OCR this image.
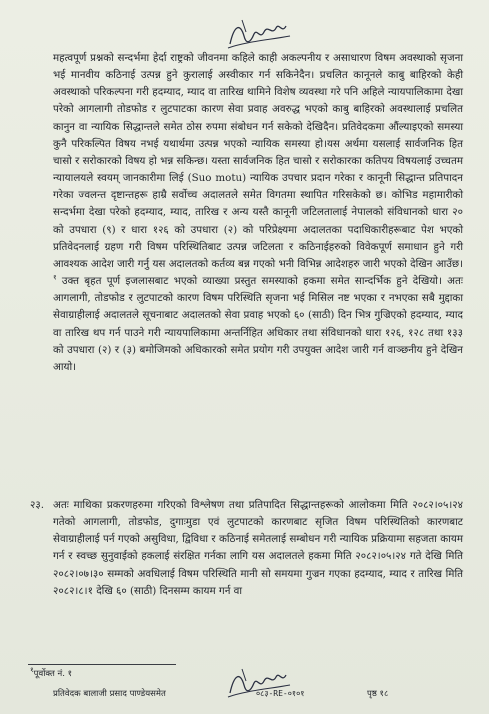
महत्वपूर्ण प्रश्नको सन्दर्भमा हेर्दा राष्ट्रको जीवनमा कहिले काही अकल्पनीय र असाधारण विषम अवस्थाको सृजना भई मानवीय कठिनाई उत्पन्न हुने कुरालाई अस्वीकार गर्न सकिनेदैन। प्रचलित कानूनले काबु बाहिरको केही अवस्थाको परिकल्पना गरी हदम्याद, म्याद वा तारिख थामिने विशेष व्यवस्था गरे पनि अहिले न्यायपालिकामा देखा परेको आगलागी तोडफोड र लुटपाटका कारण सेवा प्रवाह अवरुद्ध भएको काबु बाहिरको अवस्थालाई प्रचलित कानुन वा न्यायिक सिद्धान्तले समेत ठोस रुपमा संबोधन गर्न सकेको देखिदैन। प्रतिवेदकमा औंल्याइएको समस्या कुनै परिकल्पित विषय नभई यथार्थमा उत्पन्न भएको न्यायिक समस्या हो।यस अर्थमा यसलाई सार्वजनिक हित चासो र सरोकारको विषय हो भन्न सकिन्छ। यस्ता सार्वजनिक हित चासो र सरोकारका कतिपय विषयलाई उच्चतम न्यायालयले स्वयम् जानकारीमा लिई (Suo motu) न्यायिक उपचार प्रदान गरेका र कानूनी सिद्धान्त प्रतिपादन गरेका ज्वलन्त दृष्टान्तहरू हाम्रै सर्वोच्च अदालतले समेत विगतमा स्थापित गरिसकेको छ। कोभिड महामारीको सन्दर्भमा देखा परेको हदम्याद, म्याद, तारिख र अन्य यस्तै कानूनी जटिलतालाई नेपालको संविधानको धारा २० को उपधारा (९) र धारा १२६ को उपधारा (२) को परिप्रेक्ष्यमा अदालतका पदाधिकारीहरूबाट पेश भएको प्रतिवेदनलाई ग्रहण गरी विषम परिस्थितिबाट उत्पन्न जटिलता र कठिनाईहरुको विवेकपूर्ण समाधान हुने गरी आवश्यक आदेश जारी गर्नु यस अदालतको कर्तव्य बन्न गएको भनी विभिन्न आदेशहरु जारी भएको देखिन आउँछ।$^१$ उक्त बृहत पूर्ण इजलासबाट भएको व्याख्या प्रस्तुत समस्याको हकमा समेत सान्दर्भिक हुने देखियो। अतः आगलागी, तोडफोड र लुटपाटको कारण विषम परिस्थिति सृजना भई मिसिल नष्ट भएका र नभएका सबै मुद्दाका सेवाग्राहीलाई अदालतले सूचनाबाट अदालतको सेवा प्रवाह भएको ६० (साठी) दिन भित्र गुज्रिएको हदम्याद, म्याद वा तारिख थप गर्न पाउने गरी न्यायपालिकामा अन्तर्निहित अधिकार तथा संविधानको धारा १२६, १२८ तथा १३३ को उपधारा (२) र (३) बमोजिमको अधिकारको समेत प्रयोग गरी उपयुक्त आदेश जारी गर्न वाञ्छनीय हुने देखिन आयो।

२३. अतः माथिका प्रकरणहरुमा गरिएको विश्लेषण तथा प्रतिपादित सिद्धान्तहरूको आलोकमा मिति २०८२।०५।२४ गतेको आगलागी, तोडफोड, दुगाःमुडा एवं लुटपाटको कारणबाट सृजित विषम परिस्थितिको कारणबाट सेवाग्राहीलाई पर्न गएको असुविधा, द्विविधा र कठिनाई समेतलाई सम्बोधन गरी न्यायिक प्रक्रियामा सहजता कायम गर्न र स्वच्छ सुनुवाईको हकलाई संरक्षित गर्नका लागि यस अदालतले हकमा मिति २०८२।०५।२४ गते देखि मिति २०८२।०७।३० सम्मको अवधिलाई विषम परिस्थिति मानी सो समयमा गुज्रन गएका हदम्याद, म्याद र तारिख मिति २०८२।८।१ देखि ६० (साठी) दिनसम्म कायम गर्न वा
$^१$पूर्वोक्त नं. १
प्रतिवेदक बालाजी प्रसाद पाण्डेयसमेत	०८३-RE-०१०१	पृष्ठ १८
